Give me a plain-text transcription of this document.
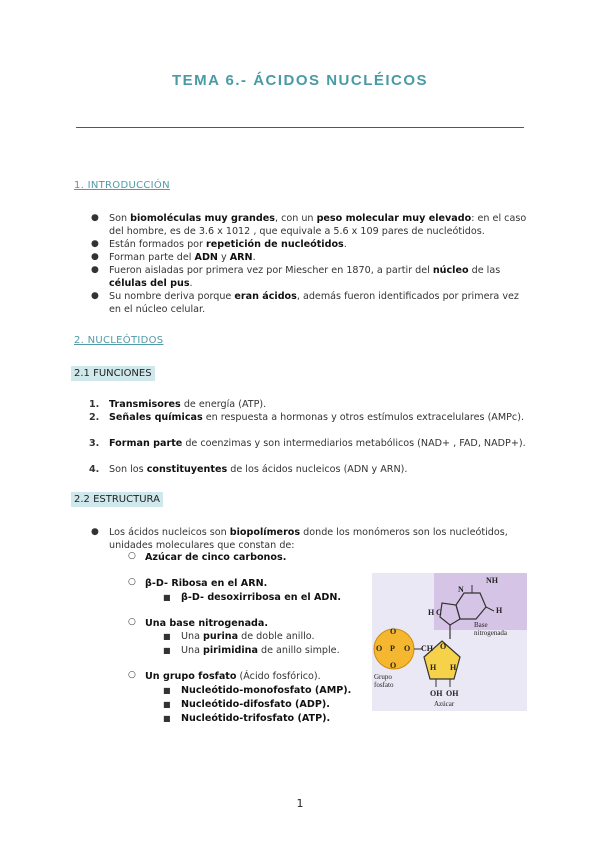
TEMA 6.- ÁCIDOS NUCLÉICOS
1. INTRODUCCIÓN
● Son biomoléculas muy grandes, con un peso molecular muy elevado: en el caso del hombre, es de 3.6 x 1012 , que equivale a 5.6 x 109 pares de nucleótidos.
● Están formados por repetición de nucleótidos.
● Forman parte del ADN y ARN.
● Fueron aisladas por primera vez por Miescher en 1870, a partir del núcleo de las células del pus.
● Su nombre deriva porque eran ácidos, además fueron identificados por primera vez en el núcleo celular.
2. NUCLEÓTIDOS
2.1 FUNCIONES
1. Transmisores de energía (ATP).
2. Señales químicas en respuesta a hormonas y otros estímulos extracelulares (AMPc).
3. Forman parte de coenzimas y son intermediarios metabólicos (NAD+ , FAD, NADP+).
4. Son los constituyentes de los ácidos nucleicos (ADN y ARN).
2.2 ESTRUCTURA
● Los ácidos nucleicos son biopolímeros donde los monómeros son los nucleótidos, unidades moleculares que constan de:
○ Azúcar de cinco carbonos.
○ β-D- Ribosa en el ARN.
■ β-D- desoxirribosa en el ADN.
○ Una base nitrogenada.
■ Una purina de doble anillo.
■ Una pirimidina de anillo simple.
○ Un grupo fosfato (Ácido fosfórico).
■ Nucleótido-monofosfato (AMP).
■ Nucleótido-difosfato (ADP).
■ Nucleótido-trifosfato (ATP).
NH
N
H
H C
Base nitrogenada
O
O P O
O
CH O
H H
Grupo fosfato
OH OH
Azúcar
1
